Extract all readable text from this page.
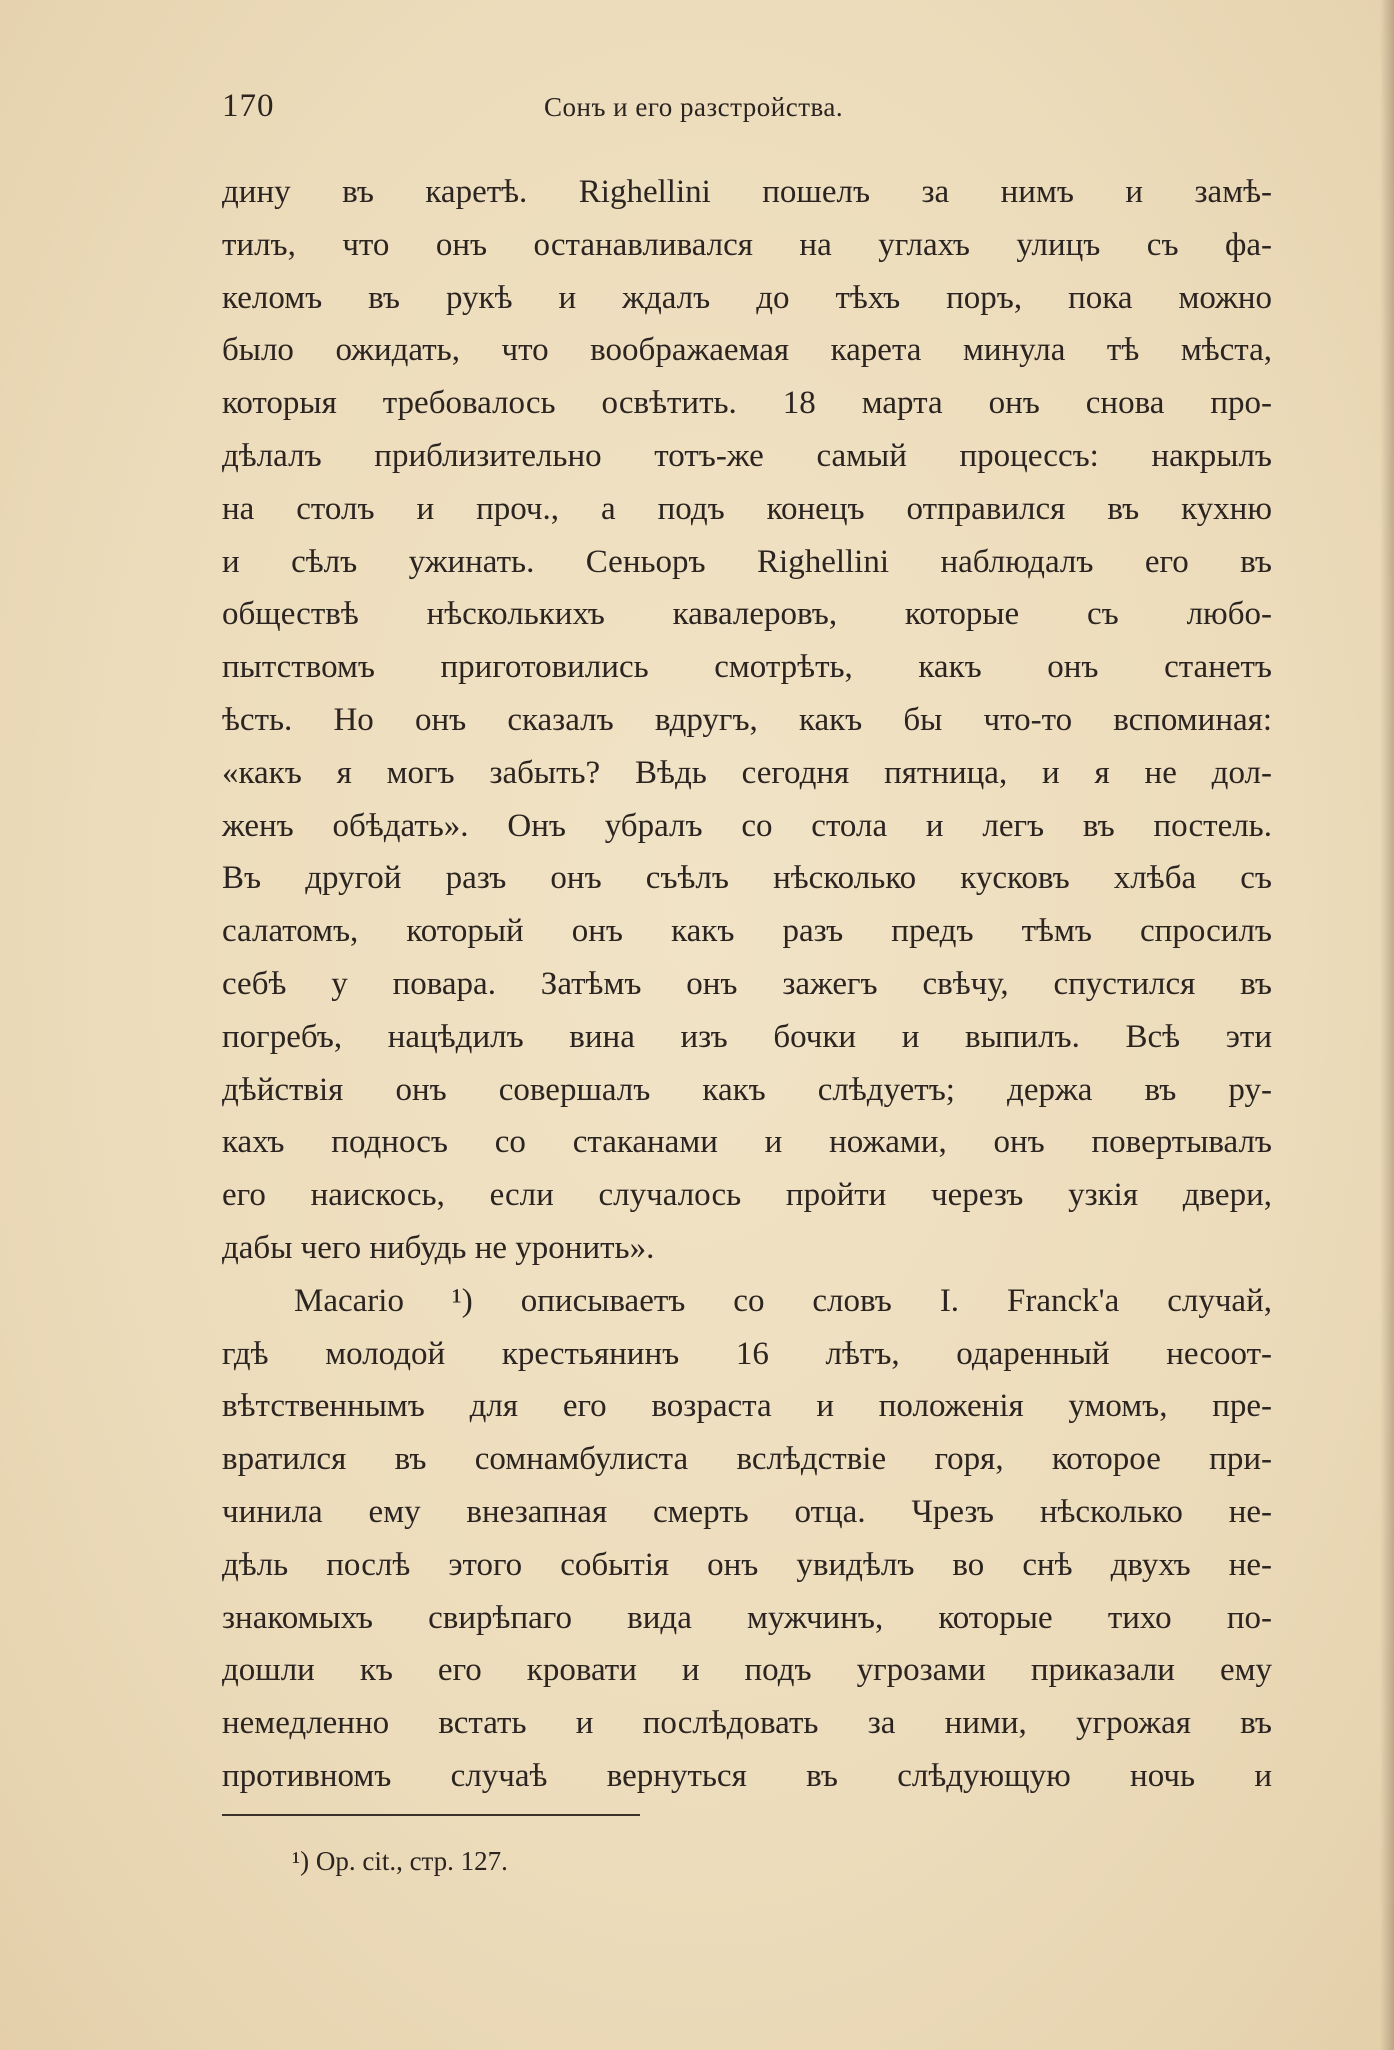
170	Сонъ и его разстройства.
дину въ каретѣ. Righellini пошелъ за нимъ и замѣ-
тилъ, что онъ останавливался на углахъ улицъ съ фа-
келомъ въ рукѣ и ждалъ до тѣхъ поръ, пока можно
было ожидать, что воображаемая карета минула тѣ мѣста,
которыя требовалось освѣтить. 18 марта онъ снова про-
дѣлалъ приблизительно тотъ-же самый процессъ: накрылъ
на столъ и проч., а подъ конецъ отправился въ кухню
и сѣлъ ужинать. Сеньоръ Righellini наблюдалъ его въ
обществѣ нѣсколькихъ кавалеровъ, которые съ любо-
пытствомъ приготовились смотрѣть, какъ онъ станетъ
ѣсть. Но онъ сказалъ вдругъ, какъ бы что-то вспоминая:
«какъ я могъ забыть? Вѣдь сегодня пятница, и я не дол-
женъ обѣдать». Онъ убралъ со стола и легъ въ постель.
Въ другой разъ онъ съѣлъ нѣсколько кусковъ хлѣба съ
салатомъ, который онъ какъ разъ предъ тѣмъ спросилъ
себѣ у повара. Затѣмъ онъ зажегъ свѣчу, спустился въ
погребъ, нацѣдилъ вина изъ бочки и выпилъ. Всѣ эти
дѣйствія онъ совершалъ какъ слѣдуетъ; держа въ ру-
кахъ подносъ со стаканами и ножами, онъ повертывалъ
его наискось, если случалось пройти черезъ узкія двери,
дабы чего нибудь не уронить».
Macario ¹) описываетъ со словъ I. Franck'а случай,
гдѣ молодой крестьянинъ 16 лѣтъ, одаренный несоот-
вѣтственнымъ для его возраста и положенія умомъ, пре-
вратился въ сомнамбулиста вслѣдствіе горя, которое при-
чинила ему внезапная смерть отца. Чрезъ нѣсколько не-
дѣль послѣ этого событія онъ увидѣлъ во снѣ двухъ не-
знакомыхъ свирѣпаго вида мужчинъ, которые тихо по-
дошли къ его кровати и подъ угрозами приказали ему
немедленно встать и послѣдовать за ними, угрожая въ
противномъ случаѣ вернуться въ слѣдующую ночь и
¹) Op. cit., стр. 127.
